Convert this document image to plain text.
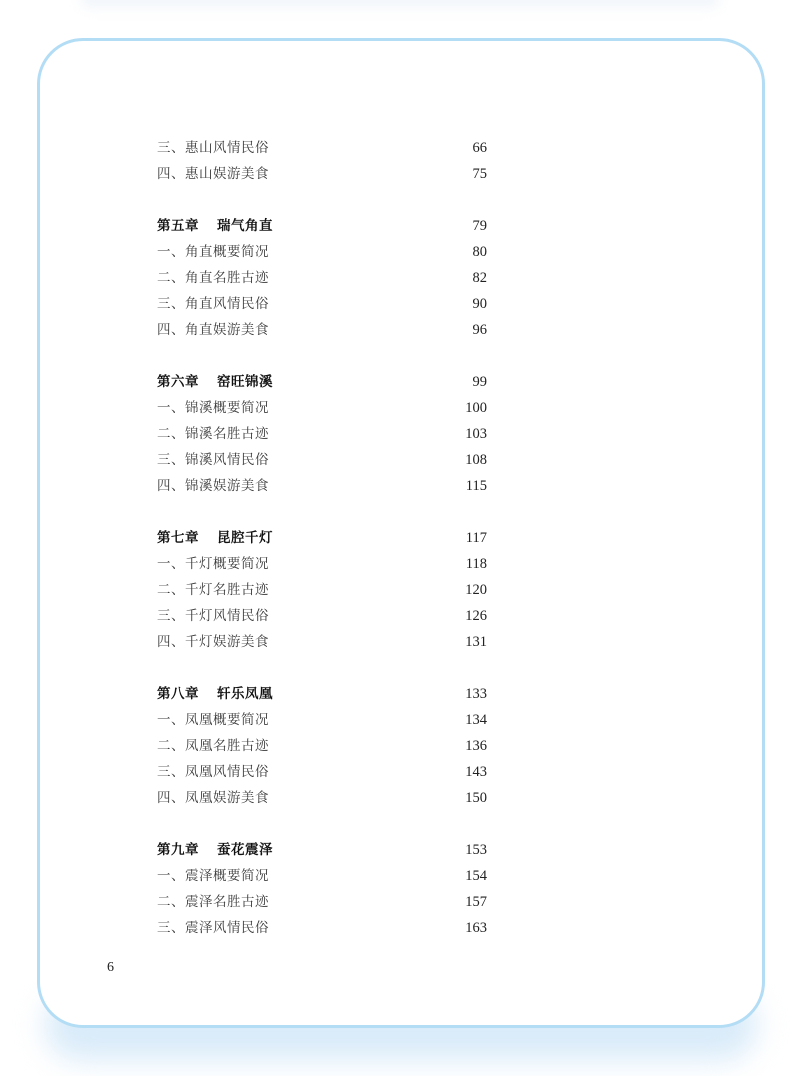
三、惠山风情民俗	66
四、惠山娱游美食	75
第五章 瑞气角直	79
一、角直概要简况	80
二、角直名胜古迹	82
三、角直风情民俗	90
四、角直娱游美食	96
第六章 窑旺锦溪	99
一、锦溪概要简况	100
二、锦溪名胜古迹	103
三、锦溪风情民俗	108
四、锦溪娱游美食	115
第七章 昆腔千灯	117
一、千灯概要简况	118
二、千灯名胜古迹	120
三、千灯风情民俗	126
四、千灯娱游美食	131
第八章 轩乐凤凰	133
一、凤凰概要简况	134
二、凤凰名胜古迹	136
三、凤凰风情民俗	143
四、凤凰娱游美食	150
第九章 蚕花震泽	153
一、震泽概要简况	154
二、震泽名胜古迹	157
三、震泽风情民俗	163
6
